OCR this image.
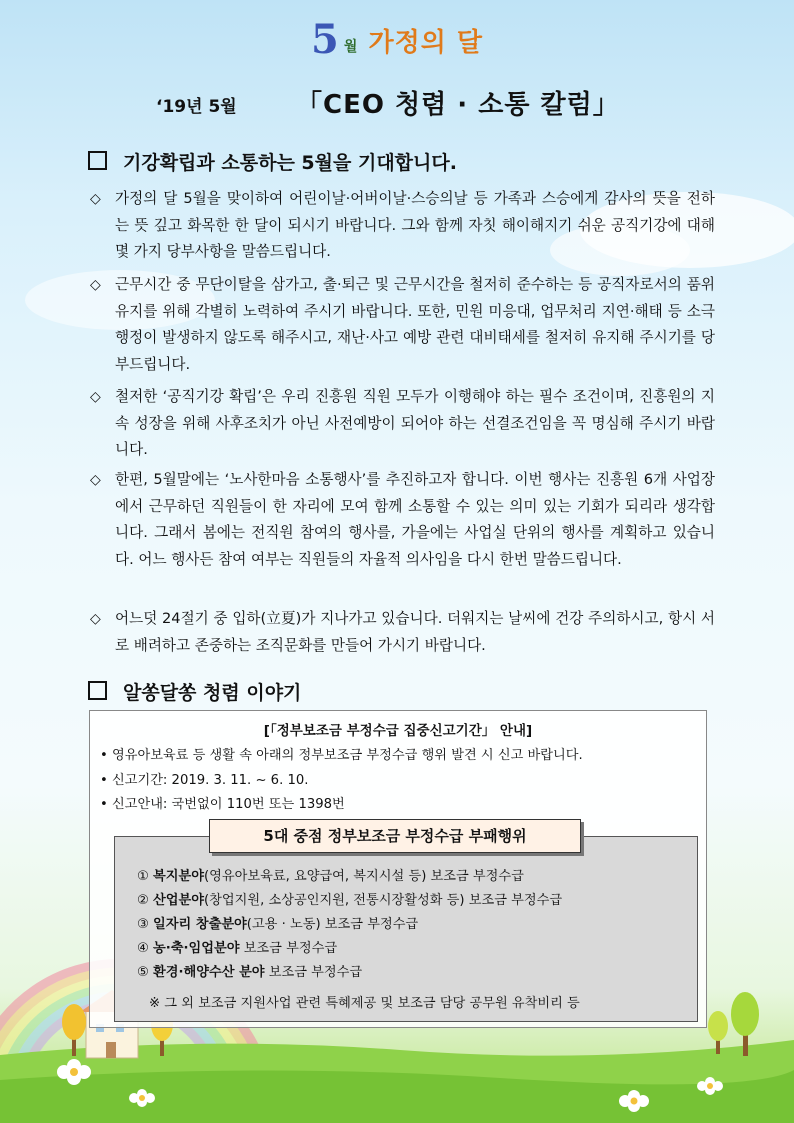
5 월 가정의 달
‘19년 5월 「CEO 청렴 · 소통 칼럼」
기강확립과 소통하는 5월을 기대합니다.
◇ 가정의 달 5월을 맞이하여 어린이날·어버이날·스승의날 등 가족과 스승에게 감사의 뜻을 전하는 뜻 깊고 화목한 한 달이 되시기 바랍니다. 그와 함께 자칫 해이해지기 쉬운 공직기강에 대해 몇 가지 당부사항을 말씀드립니다.
◇ 근무시간 중 무단이탈을 삼가고, 출·퇴근 및 근무시간을 철저히 준수하는 등 공직자로서의 품위 유지를 위해 각별히 노력하여 주시기 바랍니다. 또한, 민원 미응대, 업무처리 지연·해태 등 소극행정이 발생하지 않도록 해주시고, 재난·사고 예방 관련 대비태세를 철저히 유지해 주시기를 당부드립니다.
◇ 철저한 ‘공직기강 확립’은 우리 진흥원 직원 모두가 이행해야 하는 필수 조건이며, 진흥원의 지속 성장을 위해 사후조치가 아닌 사전예방이 되어야 하는 선결조건임을 꼭 명심해 주시기 바랍니다.
◇ 한편, 5월말에는 ‘노사한마음 소통행사’를 추진하고자 합니다. 이번 행사는 진흥원 6개 사업장에서 근무하던 직원들이 한 자리에 모여 함께 소통할 수 있는 의미 있는 기회가 되리라 생각합니다. 그래서 봄에는 전직원 참여의 행사를, 가을에는 사업실 단위의 행사를 계획하고 있습니다. 어느 행사든 참여 여부는 직원들의 자율적 의사임을 다시 한번 말씀드립니다.
◇ 어느덧 24절기 중 입하(立夏)가 지나가고 있습니다. 더워지는 날씨에 건강 주의하시고, 항시 서로 배려하고 존중하는 조직문화를 만들어 가시기 바랍니다.
알쏭달쏭 청렴 이야기
[「정부보조금 부정수급 집중신고기간」 안내]
• 영유아보육료 등 생활 속 아래의 정부보조금 부정수급 행위 발견 시 신고 바랍니다.
• 신고기간: 2019. 3. 11. ~ 6. 10.
• 신고안내: 국번없이 110번 또는 1398번
5대 중점 정부보조금 부정수급 부패행위
① 복지분야(영유아보육료, 요양급여, 복지시설 등) 보조금 부정수급
② 산업분야(창업지원, 소상공인지원, 전통시장활성화 등) 보조금 부정수급
③ 일자리 창출분야(고용 · 노동) 보조금 부정수급
④ 농·축·임업분야 보조금 부정수급
⑤ 환경·해양수산 분야 보조금 부정수급
※ 그 외 보조금 지원사업 관련 특혜제공 및 보조금 담당 공무원 유착비리 등
